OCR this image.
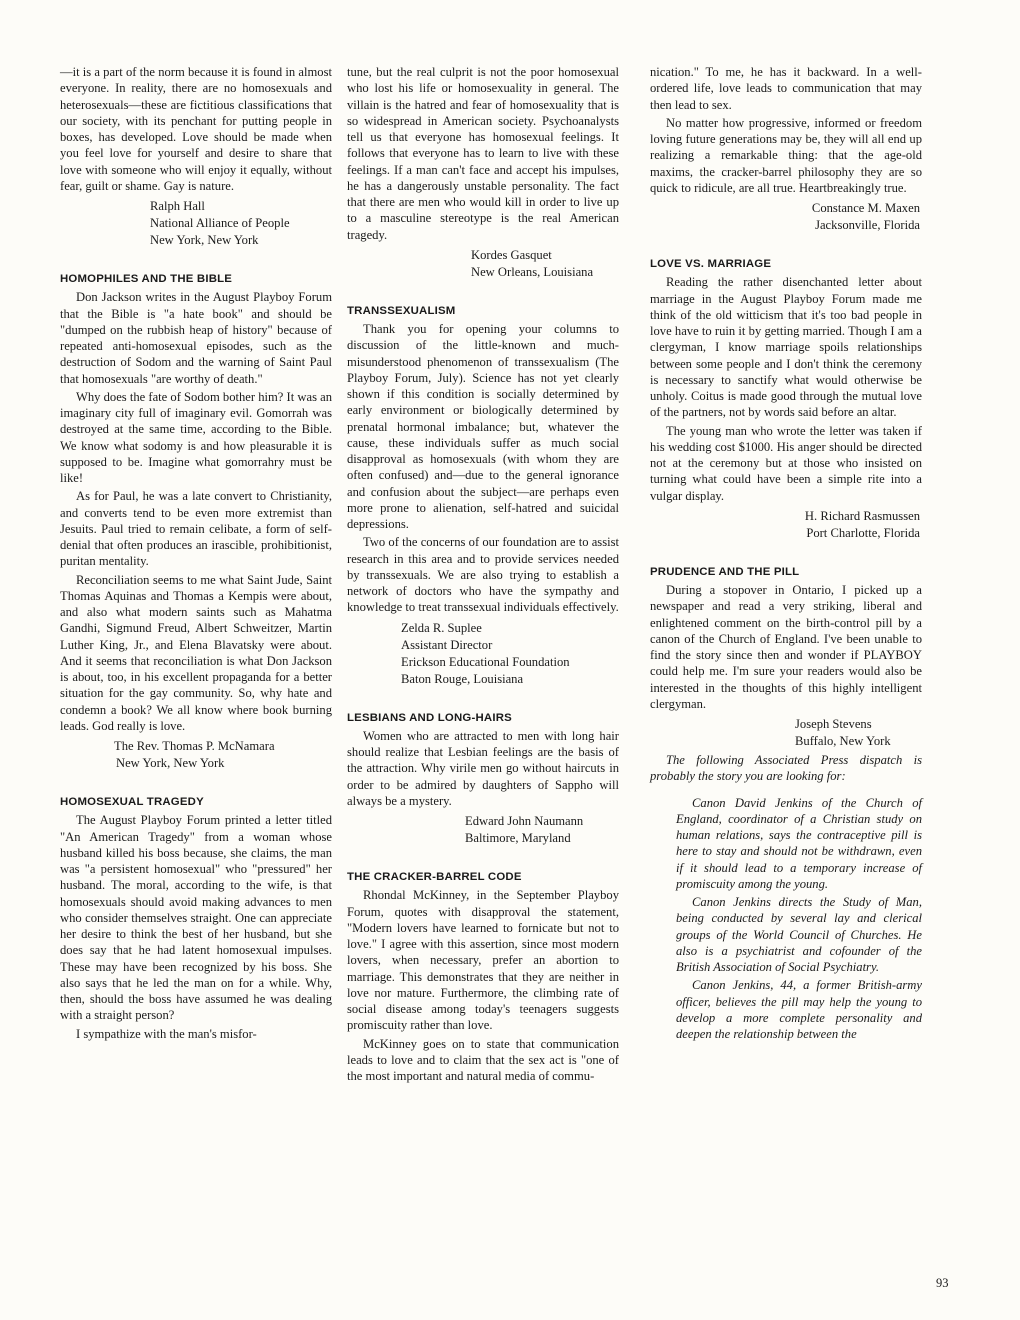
—it is a part of the norm because it is found in almost everyone. In reality, there are no homosexuals and heterosexuals—these are fictitious classifications that our society, with its penchant for putting people in boxes, has developed. Love should be made when you feel love for yourself and desire to share that love with someone who will enjoy it equally, without fear, guilt or shame. Gay is nature.

Ralph Hall
National Alliance of People
New York, New York
HOMOPHILES AND THE BIBLE

Don Jackson writes in the August Playboy Forum that the Bible is "a hate book" and should be "dumped on the rubbish heap of history" because of repeated anti-homosexual episodes, such as the destruction of Sodom and the warning of Saint Paul that homosexuals "are worthy of death."

Why does the fate of Sodom bother him? It was an imaginary city full of imaginary evil. Gomorrah was destroyed at the same time, according to the Bible. We know what sodomy is and how pleasurable it is supposed to be. Imagine what gomorrahry must be like!

As for Paul, he was a late convert to Christianity, and converts tend to be even more extremist than Jesuits. Paul tried to remain celibate, a form of self-denial that often produces an irascible, prohibitionist, puritan mentality.

Reconciliation seems to me what Saint Jude, Saint Thomas Aquinas and Thomas a Kempis were about, and also what modern saints such as Mahatma Gandhi, Sigmund Freud, Albert Schweitzer, Martin Luther King, Jr., and Elena Blavatsky were about. And it seems that reconciliation is what Don Jackson is about, too, in his excellent propaganda for a better situation for the gay community. So, why hate and condemn a book? We all know where book burning leads. God really is love.

The Rev. Thomas P. McNamara
New York, New York
HOMOSEXUAL TRAGEDY

The August Playboy Forum printed a letter titled "An American Tragedy" from a woman whose husband killed his boss because, she claims, the man was "a persistent homosexual" who "pressured" her husband. The moral, according to the wife, is that homosexuals should avoid making advances to men who consider themselves straight. One can appreciate her desire to think the best of her husband, but she does say that he had latent homosexual impulses. These may have been recognized by his boss. She also says that he led the man on for a while. Why, then, should the boss have assumed he was dealing with a straight person?

I sympathize with the man's misfor-

tune, but the real culprit is not the poor homosexual who lost his life or homosexuality in general. The villain is the hatred and fear of homosexuality that is so widespread in American society. Psychoanalysts tell us that everyone has homosexual feelings. It follows that everyone has to learn to live with these feelings. If a man can't face and accept his impulses, he has a dangerously unstable personality. The fact that there are men who would kill in order to live up to a masculine stereotype is the real American tragedy.

Kordes Gasquet
New Orleans, Louisiana
TRANSSEXUALISM

Thank you for opening your columns to discussion of the little-known and much-misunderstood phenomenon of transsexualism (The Playboy Forum, July). Science has not yet clearly shown if this condition is socially determined by early environment or biologically determined by prenatal hormonal imbalance; but, whatever the cause, these individuals suffer as much social disapproval as homosexuals (with whom they are often confused) and—due to the general ignorance and confusion about the subject—are perhaps even more prone to alienation, self-hatred and suicidal depressions.

Two of the concerns of our foundation are to assist research in this area and to provide services needed by transsexuals. We are also trying to establish a network of doctors who have the sympathy and knowledge to treat transsexual individuals effectively.

Zelda R. Suplee
Assistant Director
Erickson Educational Foundation
Baton Rouge, Louisiana
LESBIANS AND LONG-HAIRS

Women who are attracted to men with long hair should realize that Lesbian feelings are the basis of the attraction. Why virile men go without haircuts in order to be admired by daughters of Sappho will always be a mystery.

Edward John Naumann
Baltimore, Maryland
THE CRACKER-BARREL CODE

Rhondal McKinney, in the September Playboy Forum, quotes with disapproval the statement, "Modern lovers have learned to fornicate but not to love." I agree with this assertion, since most modern lovers, when necessary, prefer an abortion to marriage. This demonstrates that they are neither in love nor mature. Furthermore, the climbing rate of social disease among today's teenagers suggests promiscuity rather than love.

McKinney goes on to state that communication leads to love and to claim that the sex act is "one of the most important and natural media of commu-

nication." To me, he has it backward. In a well-ordered life, love leads to communication that may then lead to sex.

No matter how progressive, informed or freedom loving future generations may be, they will all end up realizing a remarkable thing: that the age-old maxims, the cracker-barrel philosophy they are so quick to ridicule, are all true. Heartbreakingly true.

Constance M. Maxen
Jacksonville, Florida
LOVE VS. MARRIAGE

Reading the rather disenchanted letter about marriage in the August Playboy Forum made me think of the old witticism that it's too bad people in love have to ruin it by getting married. Though I am a clergyman, I know marriage spoils relationships between some people and I don't think the ceremony is necessary to sanctify what would otherwise be unholy. Coitus is made good through the mutual love of the partners, not by words said before an altar.

The young man who wrote the letter was taken if his wedding cost $1000. His anger should be directed not at the ceremony but at those who insisted on turning what could have been a simple rite into a vulgar display.

H. Richard Rasmussen
Port Charlotte, Florida
PRUDENCE AND THE PILL

During a stopover in Ontario, I picked up a newspaper and read a very striking, liberal and enlightened comment on the birth-control pill by a canon of the Church of England. I've been unable to find the story since then and wonder if PLAYBOY could help me. I'm sure your readers would also be interested in the thoughts of this highly intelligent clergyman.

Joseph Stevens
Buffalo, New York

The following Associated Press dispatch is probably the story you are looking for:

Canon David Jenkins of the Church of England, coordinator of a Christian study on human relations, says the contraceptive pill is here to stay and should not be withdrawn, even if it should lead to a temporary increase of promiscuity among the young.

Canon Jenkins directs the Study of Man, being conducted by several lay and clerical groups of the World Council of Churches. He also is a psychiatrist and cofounder of the British Association of Social Psychiatry.

Canon Jenkins, 44, a former British-army officer, believes the pill may help the young to develop a more complete personality and deepen the relationship between the

93
